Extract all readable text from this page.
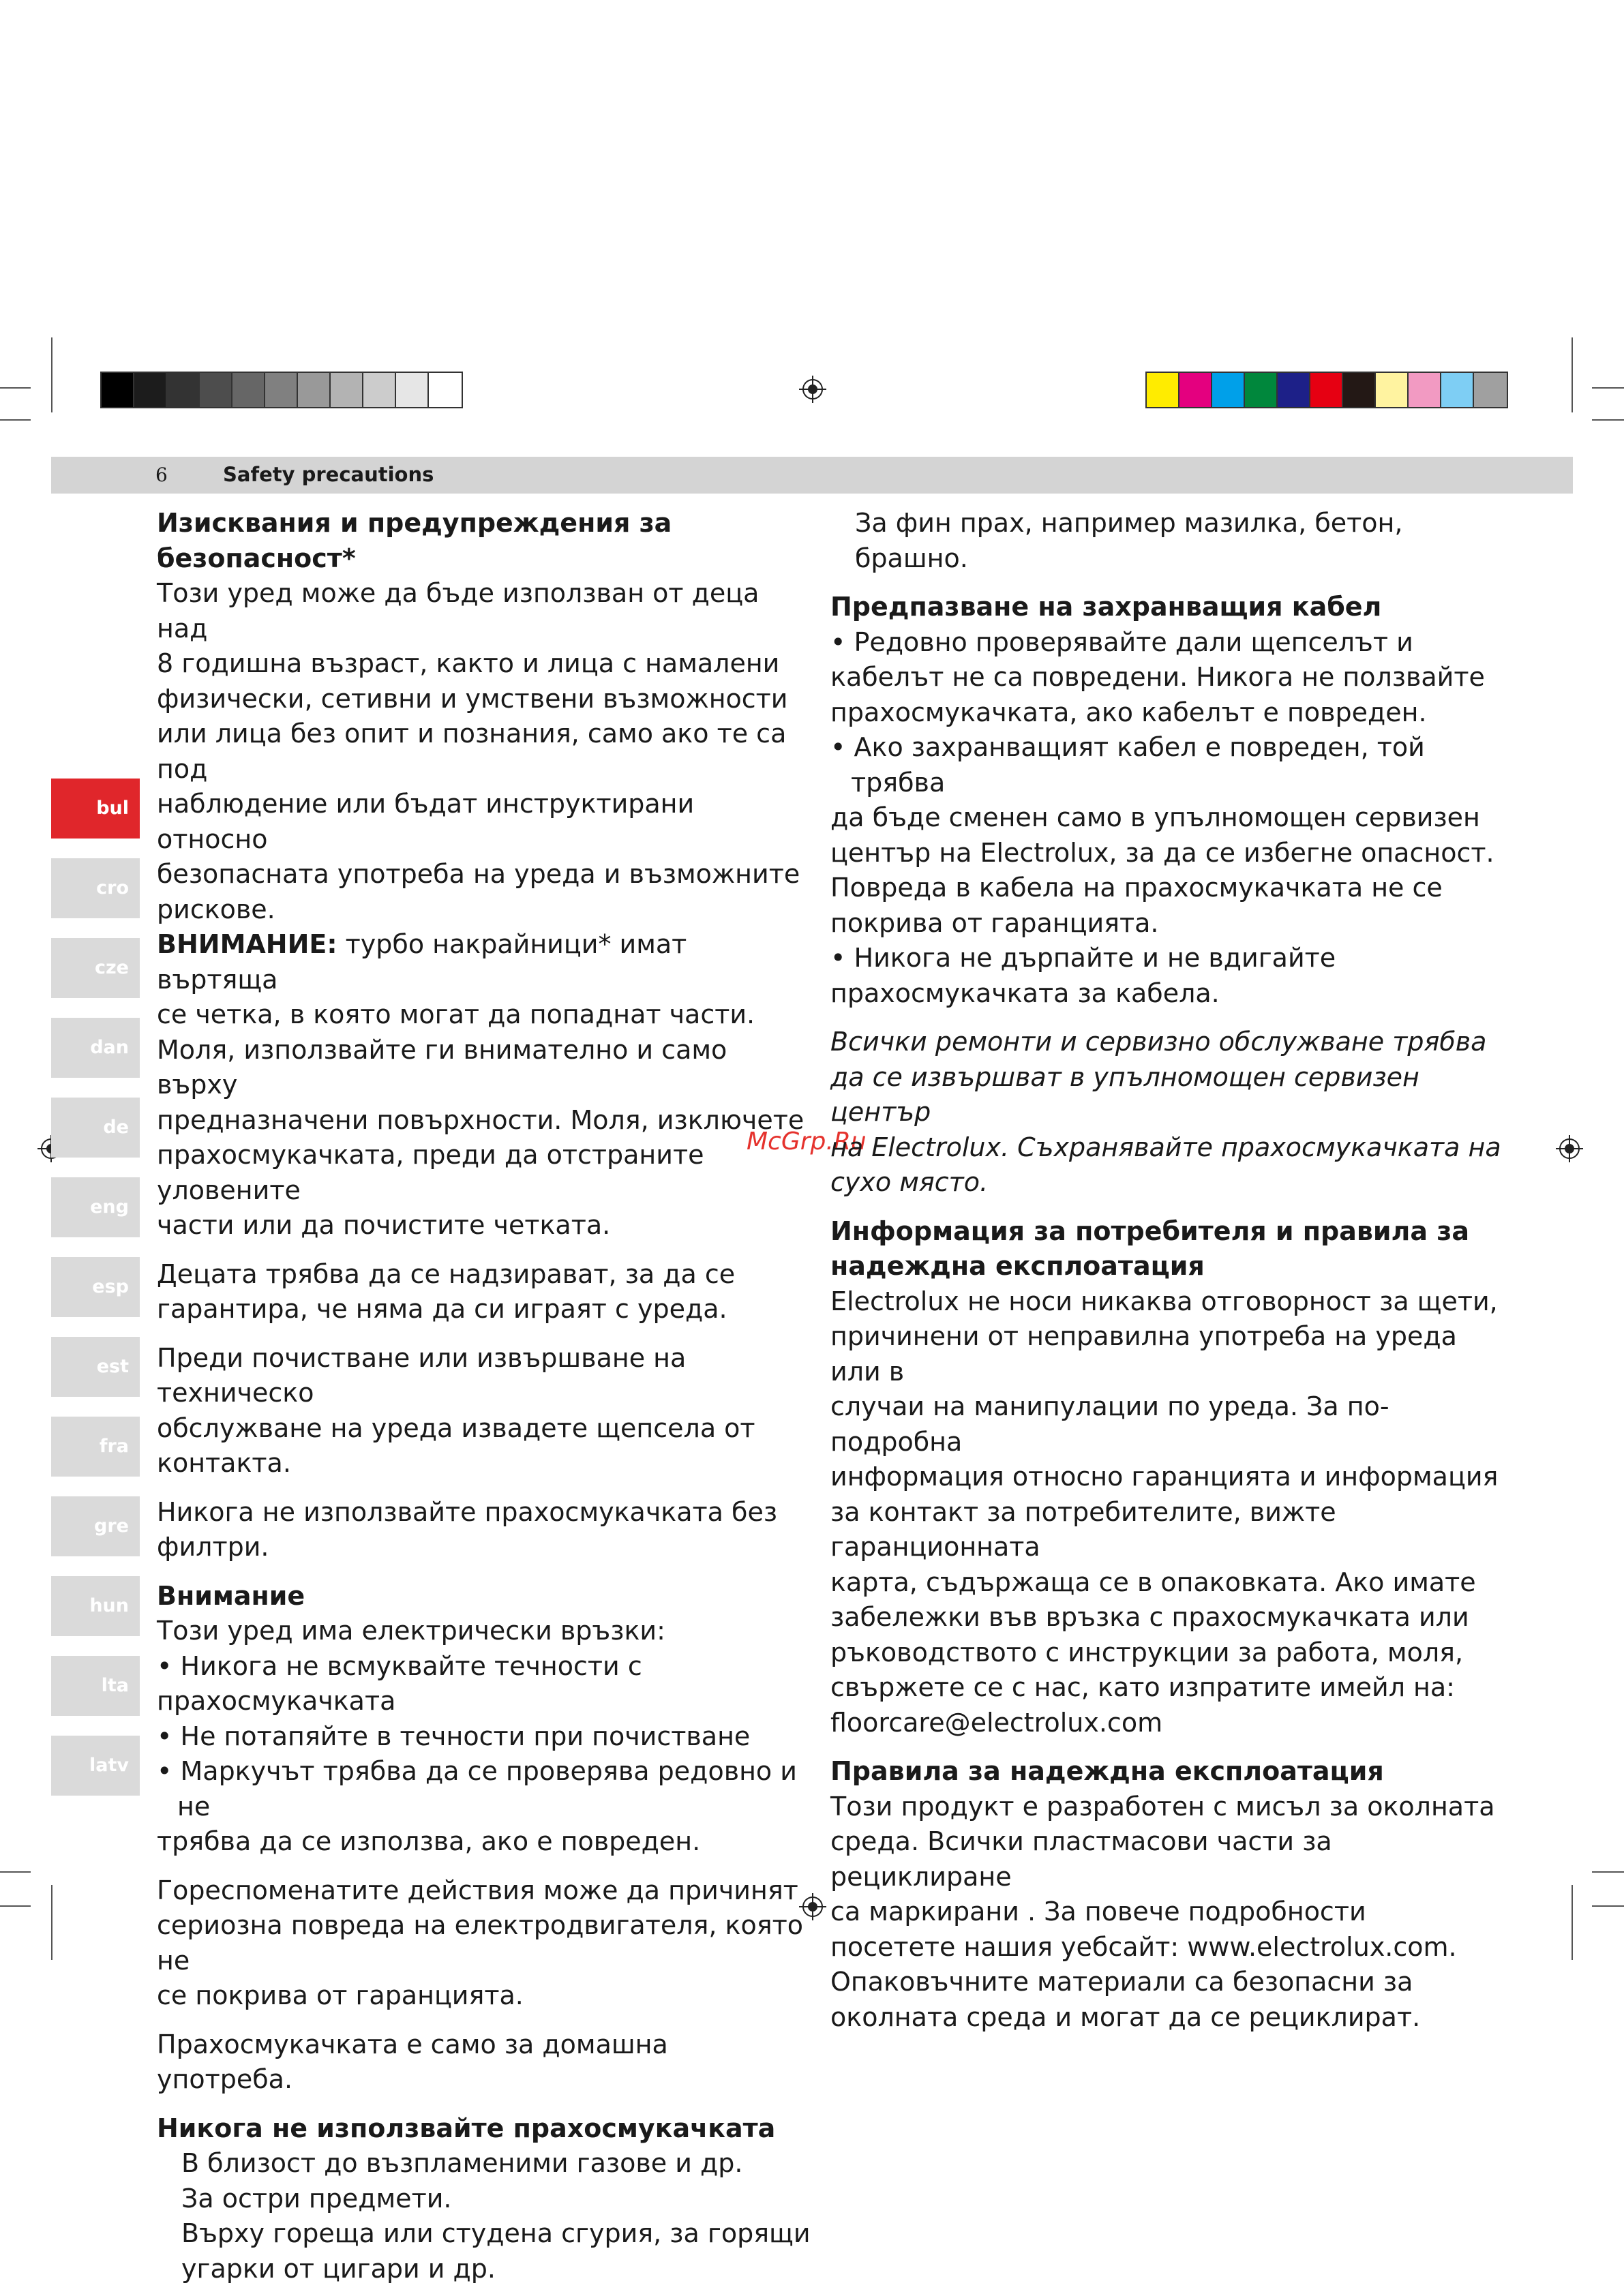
6	Safety precautions
bul
cro
cze
dan
de
eng
esp
est
fra
gre
hun
lta
latv
McGrp.Ru

Изисквания и предупреждения за безопасност*

Този уред може да бъде използван от деца над

8 годишна възраст, както и лица с намалени

физически, сетивни и умствени възможности

или лица без опит и познания, само ако те са под

наблюдение или бъдат инструктирани относно

безопасната употреба на уреда и възможните

рискове.

ВНИМАНИЕ: турбо накрайници* имат въртяща

се четка, в която могат да попаднат части.

Моля, използвайте ги внимателно и само върху

предназначени повърхности. Моля, изключете

прахосмукачката, преди да отстраните уловените

части или да почистите четката.

Децата трябва да се надзирават, за да се

гарантира, че няма да си играят с уреда.

Преди почистване или извършване на техническо

обслужване на уреда извадете щепсела от контакта.

Никога не използвайте прахосмукачката без филтри.

Внимание

Този уред има електрически връзки:

• Никога не всмуквайте течности с

прахосмукачката

• Не потапяйте в течности при почистване

• Маркучът трябва да се проверява редовно и не

трябва да се използва, ако е повреден.

Гореспоменатите действия може да причинят

сериозна повреда на електродвигателя, която не

се покрива от гаранцията.

Прахосмукачката е само за домашна употреба.

Никога не използвайте прахосмукачката

В близост до възпламеними газове и др.

За остри предмети.

Върху гореща или студена сгурия, за горящи

угарки от цигари и др.

За фин прах, например мазилка, бетон, брашно.

Предпазване на захранващия кабел

• Редовно проверявайте дали щепселът и

кабелът не са повредени. Никога не ползвайте

прахосмукачката, ако кабелът е повреден.

• Ако захранващият кабел е повреден, той трябва

да бъде сменен само в упълномощен сервизен

център на Electrolux, за да се избегне опасност.

Повреда в кабела на прахосмукачката не се

покрива от гаранцията.

• Никога не дърпайте и не вдигайте

прахосмукачката за кабела.

Всички ремонти и сервизно обслужване трябва

да се извършват в упълномощен сервизен център

на Electrolux. Съхранявайте прахосмукачката на

сухо място.

Информация за потребителя и правила за

надеждна експлоатация

Electrolux не носи никаква отговорност за щети,

причинени от неправилна употреба на уреда или в

случаи на манипулации по уреда. За по-подробна

информация относно гаранцията и информация

за контакт за потребителите, вижте гаранционната

карта, съдържаща се в опаковката. Ако имате

забележки във връзка с прахосмукачката или

ръководството с инструкции за работа, моля,

свържете се с нас, като изпратите имейл на:

floorcare@electrolux.com

Правила за надеждна експлоатация

Този продукт е разработен с мисъл за околната

среда. Всички пластмасови части за рециклиране

са маркирани . За повече подробности

посетете нашия уебсайт: www.electrolux.com.

Опаковъчните материали са безопасни за

околната среда и могат да се рециклират.
